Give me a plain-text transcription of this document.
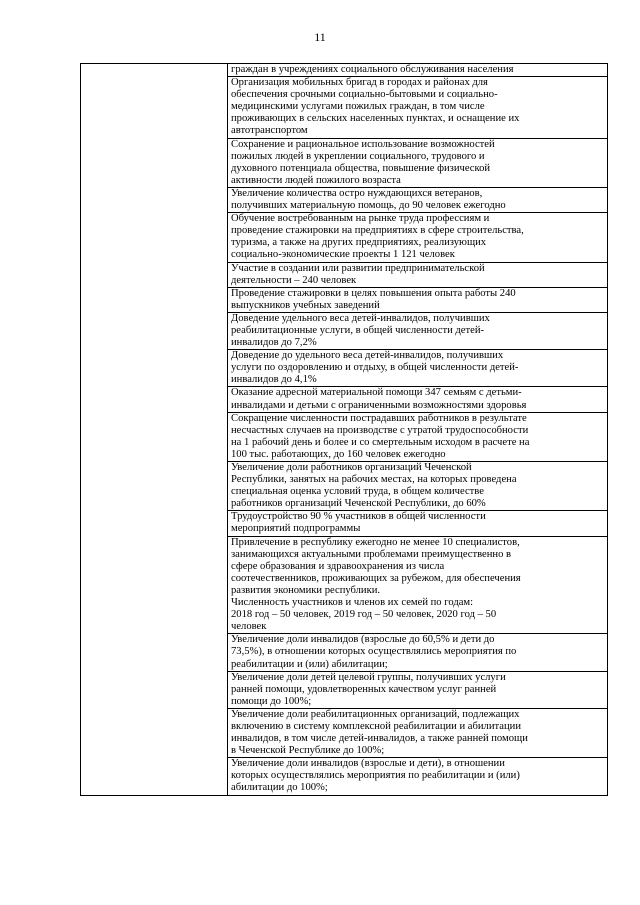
11

граждан в учреждениях социального обслуживания населения

Организация мобильных бригад в городах и районах для
обеспечения срочными социально-бытовыми и социально-
медицинскими услугами пожилых граждан, в том числе
проживающих в сельских населенных пунктах, и оснащение их
автотранспортом

Сохранение и рациональное использование возможностей
пожилых людей в укреплении социального, трудового и
духовного потенциала общества, повышение физической
активности людей пожилого возраста

Увеличение количества остро нуждающихся ветеранов,
получивших материальную помощь, до 90 человек ежегодно

Обучение востребованным на рынке труда профессиям и
проведение стажировки на предприятиях в сфере строительства,
туризма, а также на других предприятиях, реализующих
социально-экономические проекты 1 121 человек

Участие в создании или развитии предпринимательской
деятельности – 240 человек

Проведение стажировки в целях повышения опыта работы 240
выпускников учебных заведений

Доведение удельного веса детей-инвалидов, получивших
реабилитационные услуги, в общей численности детей-
инвалидов до 7,2%

Доведение до удельного веса детей-инвалидов, получивших
услуги по оздоровлению и отдыху, в общей численности детей-
инвалидов до 4,1%

Оказание адресной материальной помощи 347 семьям с детьми-
инвалидами и детьми с ограниченными возможностями здоровья

Сокращение численности пострадавших работников в результате
несчастных случаев на производстве с утратой трудоспособности
на 1 рабочий день и более и со смертельным исходом в расчете на
100 тыс. работающих, до 160 человек ежегодно

Увеличение доли работников организаций Чеченской
Республики, занятых на рабочих местах, на которых проведена
специальная оценка условий труда, в общем количестве
работников организаций Чеченской Республики, до 60%

Трудоустройство 90 % участников в общей численности
мероприятий подпрограммы

Привлечение в республику ежегодно не менее 10 специалистов,
занимающихся актуальными проблемами преимущественно в
сфере образования и здравоохранения из числа
соотечественников, проживающих за рубежом, для обеспечения
развития экономики республики.
Численность участников и членов их семей по годам:
2018 год – 50 человек, 2019 год – 50 человек, 2020 год – 50
человек

Увеличение доли инвалидов (взрослые до 60,5% и дети до
73,5%), в отношении которых осуществлялись мероприятия по
реабилитации и (или) абилитации;

Увеличение доли детей целевой группы, получивших услуги
ранней помощи, удовлетворенных качеством услуг ранней
помощи до 100%;

Увеличение доли реабилитационных организаций, подлежащих
включению в систему комплексной реабилитации и абилитации
инвалидов, в том числе детей-инвалидов, а также ранней помощи
в Чеченской Республике до 100%;

Увеличение доли инвалидов (взрослые и дети), в отношении
которых осуществлялись мероприятия по реабилитации и (или)
абилитации до 100%;
